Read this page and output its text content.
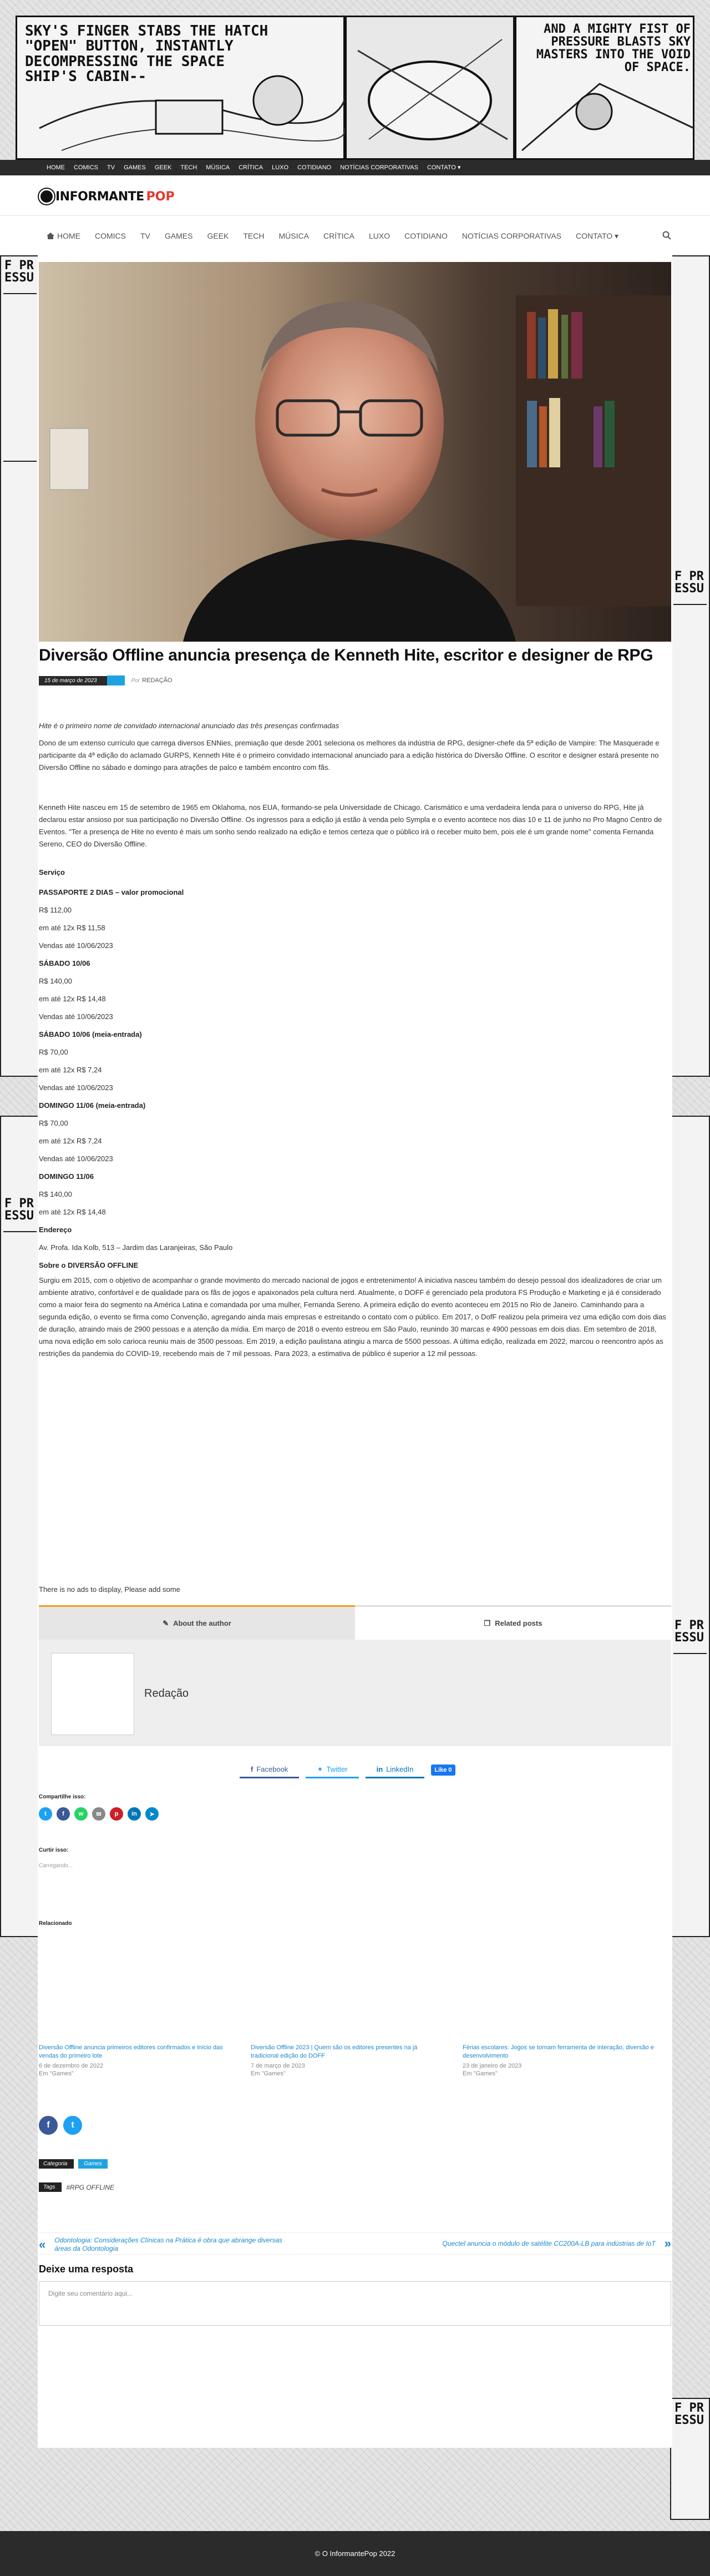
SKY'S FINGER STABS THE HATCH "OPEN" BUTTON, INSTANTLY DECOMPRESSING THE SPACE SHIP'S CABIN--
AND A MIGHTY FIST OF PRESSURE BLASTS SKY MASTERS INTO THE VOID OF SPACE.
F PR ESSU
F PR ESSU
F PR ESSU
F PR ESSU
F PR ESSU
HOME	COMICS	TV	GAMES	GEEK	TECH	MÚSICA	CRÍTICA	LUXO	COTIDIANO	NOTÍCIAS CORPORATIVAS	CONTATO ▾
INFORMANTE POP
HOME	COMICS	TV	GAMES	GEEK	TECH	MÚSICA	CRÍTICA	LUXO	COTIDIANO	NOTÍCIAS CORPORATIVAS	CONTATO ▾
Diversão Offline anuncia presença de Kenneth Hite, escritor e designer de RPG
15 de março de 2023	Por REDAÇÃO

Hite é o primeiro nome de convidado internacional anunciado das três presenças confirmadas

Dono de um extenso currículo que carrega diversos ENNies, premiação que desde 2001 seleciona os melhores da indústria de RPG, designer-chefe da 5ª edição de Vampire: The Masquerade e participante da 4ª edição do aclamado GURPS, Kenneth Hite é o primeiro convidado internacional anunciado para a edição histórica do Diversão Offline. O escritor e designer estará presente no Diversão Offline no sábado e domingo para atrações de palco e também encontro com fãs.

Kenneth Hite nasceu em 15 de setembro de 1965 em Oklahoma, nos EUA, formando-se pela Universidade de Chicago. Carismático e uma verdadeira lenda para o universo do RPG, Hite já declarou estar ansioso por sua participação no Diversão Offline. Os ingressos para a edição já estão à venda pelo Sympla e o evento acontece nos dias 10 e 11 de junho no Pro Magno Centro de Eventos. "Ter a presença de Hite no evento é mais um sonho sendo realizado na edição e temos certeza que o público irá o receber muito bem, pois ele é um grande nome" comenta Fernanda Sereno, CEO do Diversão Offline.

Serviço

PASSAPORTE 2 DIAS – valor promocional

R$ 112,00

em até 12x R$ 11,58

Vendas até 10/06/2023

SÁBADO 10/06

R$ 140,00

em até 12x R$ 14,48

Vendas até 10/06/2023

SÁBADO 10/06 (meia-entrada)

R$ 70,00

em até 12x R$ 7,24

Vendas até 10/06/2023

DOMINGO 11/06 (meia-entrada)

R$ 70,00

em até 12x R$ 7,24

Vendas até 10/06/2023

DOMINGO 11/06

R$ 140,00

em até 12x R$ 14,48

Endereço

Av. Profa. Ida Kolb, 513 – Jardim das Laranjeiras, São Paulo

Sobre o DIVERSÃO OFFLINE

Surgiu em 2015, com o objetivo de acompanhar o grande movimento do mercado nacional de jogos e entretenimento! A iniciativa nasceu também do desejo pessoal dos idealizadores de criar um ambiente atrativo, confortável e de qualidade para os fãs de jogos e apaixonados pela cultura nerd. Atualmente, o DOFF é gerenciado pela produtora FS Produção e Marketing e já é considerado como a maior feira do segmento na América Latina e comandada por uma mulher, Fernanda Sereno. A primeira edição do evento aconteceu em 2015 no Rio de Janeiro. Caminhando para a segunda edição, o evento se firma como Convenção, agregando ainda mais empresas e estreitando o contato com o público. Em 2017, o DofF realizou pela primeira vez uma edição com dois dias de duração, atraindo mais de 2900 pessoas e a atenção da mídia. Em março de 2018 o evento estreou em São Paulo, reunindo 30 marcas e 4900 pessoas em dois dias. Em setembro de 2018, uma nova edição em solo carioca reuniu mais de 3500 pessoas. Em 2019, a edição paulistana atingiu a marca de 5500 pessoas. A última edição, realizada em 2022, marcou o reencontro após as restrições da pandemia do COVID-19, recebendo mais de 7 mil pessoas. Para 2023, a estimativa de público é superior a 12 mil pessoas.

There is no ads to display, Please add some

✎ About the author	❐ Related posts
Redação
f Facebook	✦ Twitter	in LinkedIn	Like 0

Compartilhe isso:

t	f	w	✉	p	in	➤

Curtir isso:

Carregando...

Relacionado

Diversão Offline anuncia primeiros editores confirmados e início das vendas do primeiro lote
6 de dezembro de 2022
Em "Games"
Diversão Offline 2023 | Quem são os editores presentes na já tradicional edição do DOFF
7 de março de 2023
Em "Games"
Férias escolares: Jogos se tornam ferramenta de interação, diversão e desenvolvimento
23 de janeiro de 2023
Em "Games"
f	t
Categoria	Games
Tags	#RPG OFFLINE
« Odontologia: Considerações Clínicas na Prática é obra que abrange diversas áreas da Odontologia
Quectel anuncia o módulo de satélite CC200A-LB para indústrias de IoT »
Deixe uma resposta
Digite seu comentário aqui...
© O InformantePop 2022
